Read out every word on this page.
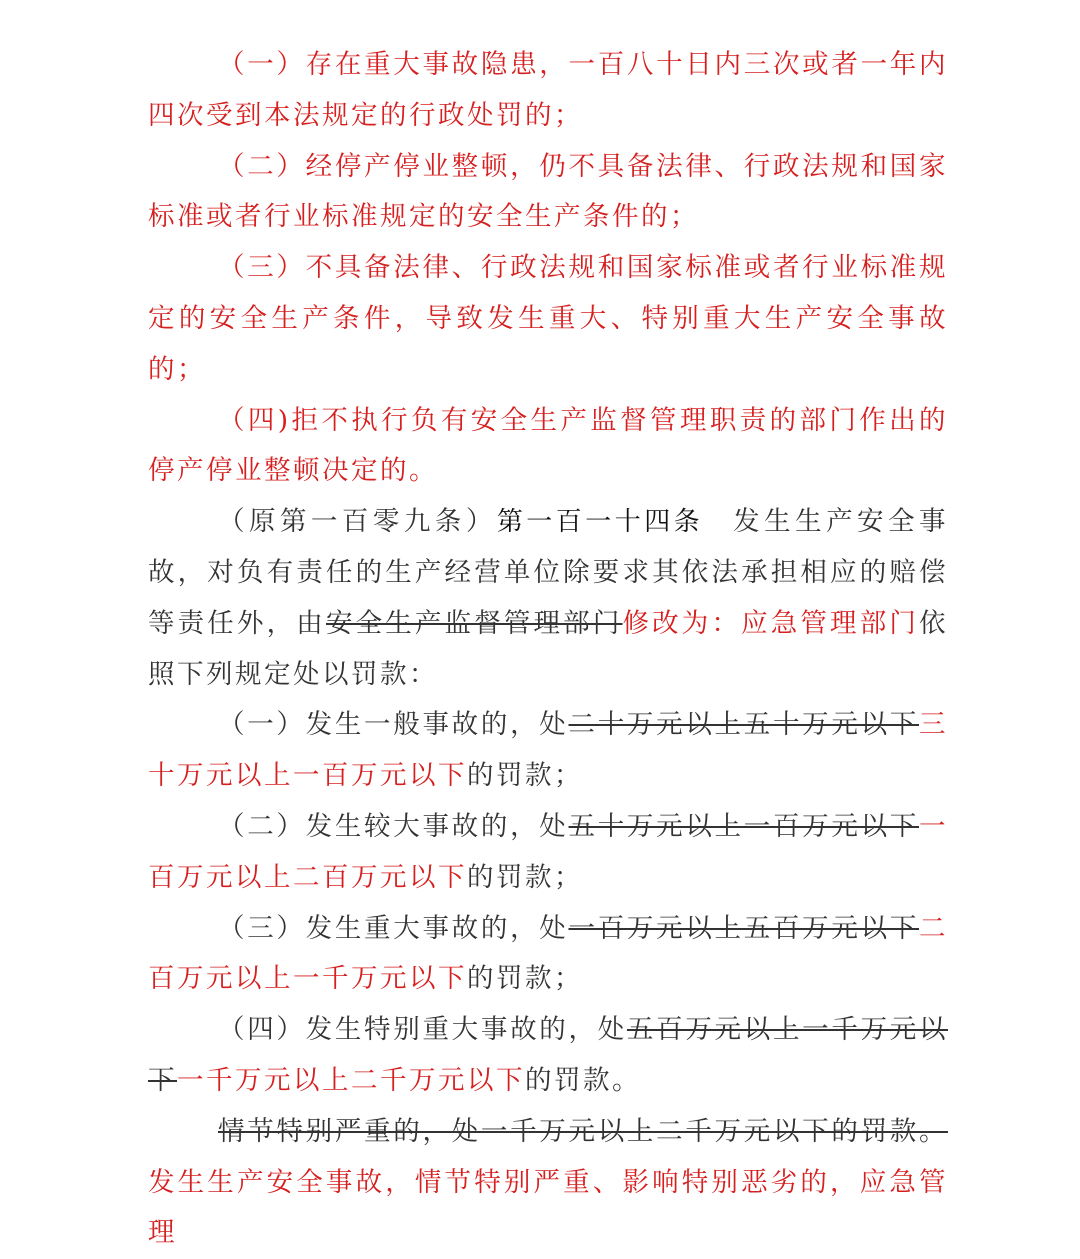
（一）存在重大事故隐患，一百八十日内三次或者一年内四次受到本法规定的行政处罚的；

（二）经停产停业整顿，仍不具备法律、行政法规和国家标准或者行业标准规定的安全生产条件的；

（三）不具备法律、行政法规和国家标准或者行业标准规定的安全生产条件，导致发生重大、特别重大生产安全事故的；

（四)拒不执行负有安全生产监督管理职责的部门作出的停产停业整顿决定的。

（原第一百零九条）第一百一十四条 发生生产安全事故，对负有责任的生产经营单位除要求其依法承担相应的赔偿等责任外，由安全生产监督管理部门修改为：应急管理部门依照下列规定处以罚款：

（一）发生一般事故的，处二十万元以上五十万元以下三十万元以上一百万元以下的罚款；

（二）发生较大事故的，处五十万元以上一百万元以下一百万元以上二百万元以下的罚款；

（三）发生重大事故的，处一百万元以上五百万元以下二百万元以上一千万元以下的罚款；

（四）发生特别重大事故的，处五百万元以上一千万元以下一千万元以上二千万元以下的罚款。

情节特别严重的，处一千万元以上二千万元以下的罚款。发生生产安全事故，情节特别严重、影响特别恶劣的，应急管理
